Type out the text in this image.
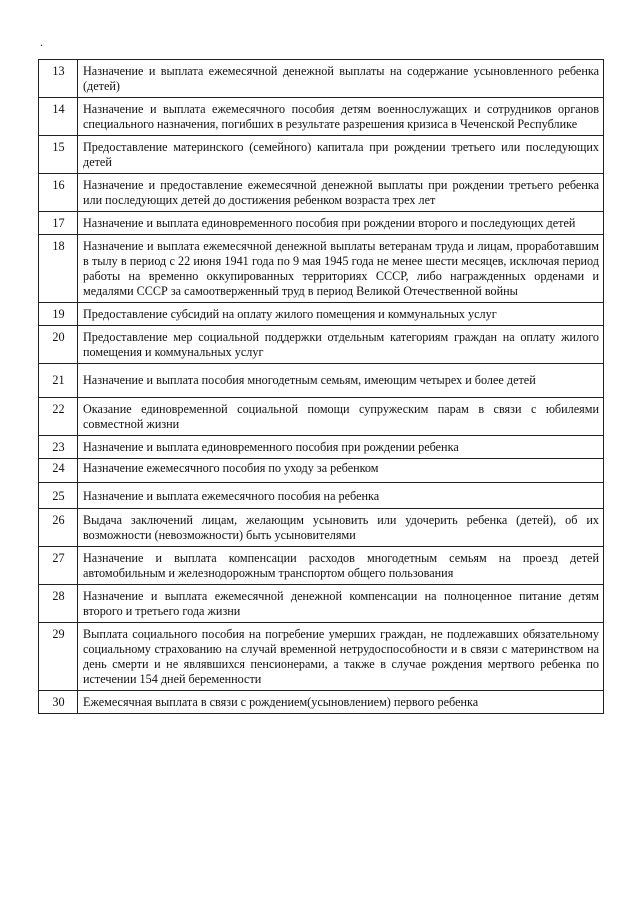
.
13	Назначение и выплата ежемесячной денежной выплаты на содержание усыновленного ребенка (детей)
14	Назначение и выплата ежемесячного пособия детям военнослужащих и сотрудников органов специального назначения, погибших в результате разрешения кризиса в Чеченской Республике
15	Предоставление материнского (семейного) капитала при рождении третьего или последующих детей
16	Назначение и предоставление ежемесячной денежной выплаты при рождении третьего ребенка или последующих детей до достижения ребенком возраста трех лет
17	Назначение и выплата единовременного пособия при рождении второго и последующих детей
18	Назначение и выплата ежемесячной денежной выплаты ветеранам труда и лицам, проработавшим в тылу в период с 22 июня 1941 года по 9 мая 1945 года не менее шести месяцев, исключая период работы на временно оккупированных территориях СССР, либо награжденных орденами и медалями СССР за самоотверженный труд в период Великой Отечественной войны
19	Предоставление субсидий на оплату жилого помещения и коммунальных услуг
20	Предоставление мер социальной поддержки отдельным категориям граждан на оплату жилого помещения и коммунальных услуг
21	Назначение и выплата пособия многодетным семьям, имеющим четырех и более детей
22	Оказание единовременной социальной помощи супружеским парам в связи с юбилеями совместной жизни
23	Назначение и выплата единовременного пособия при рождении ребенка
24	Назначение ежемесячного пособия по уходу за ребенком
25	Назначение и выплата ежемесячного пособия на ребенка
26	Выдача заключений лицам, желающим усыновить или удочерить ребенка (детей), об их возможности (невозможности) быть усыновителями
27	Назначение и выплата компенсации расходов многодетным семьям на проезд детей автомобильным и железнодорожным транспортом общего пользования
28	Назначение и выплата ежемесячной денежной компенсации на полноценное питание детям второго и третьего года жизни
29	Выплата социального пособия на погребение умерших граждан, не подлежавших обязательному социальному страхованию на случай временной нетрудоспособности и в связи с материнством на день смерти и не являвшихся пенсионерами, а также в случае рождения мертвого ребенка по истечении 154 дней беременности
30	Ежемесячная выплата в связи с рождением(усыновлением) первого ребенка
